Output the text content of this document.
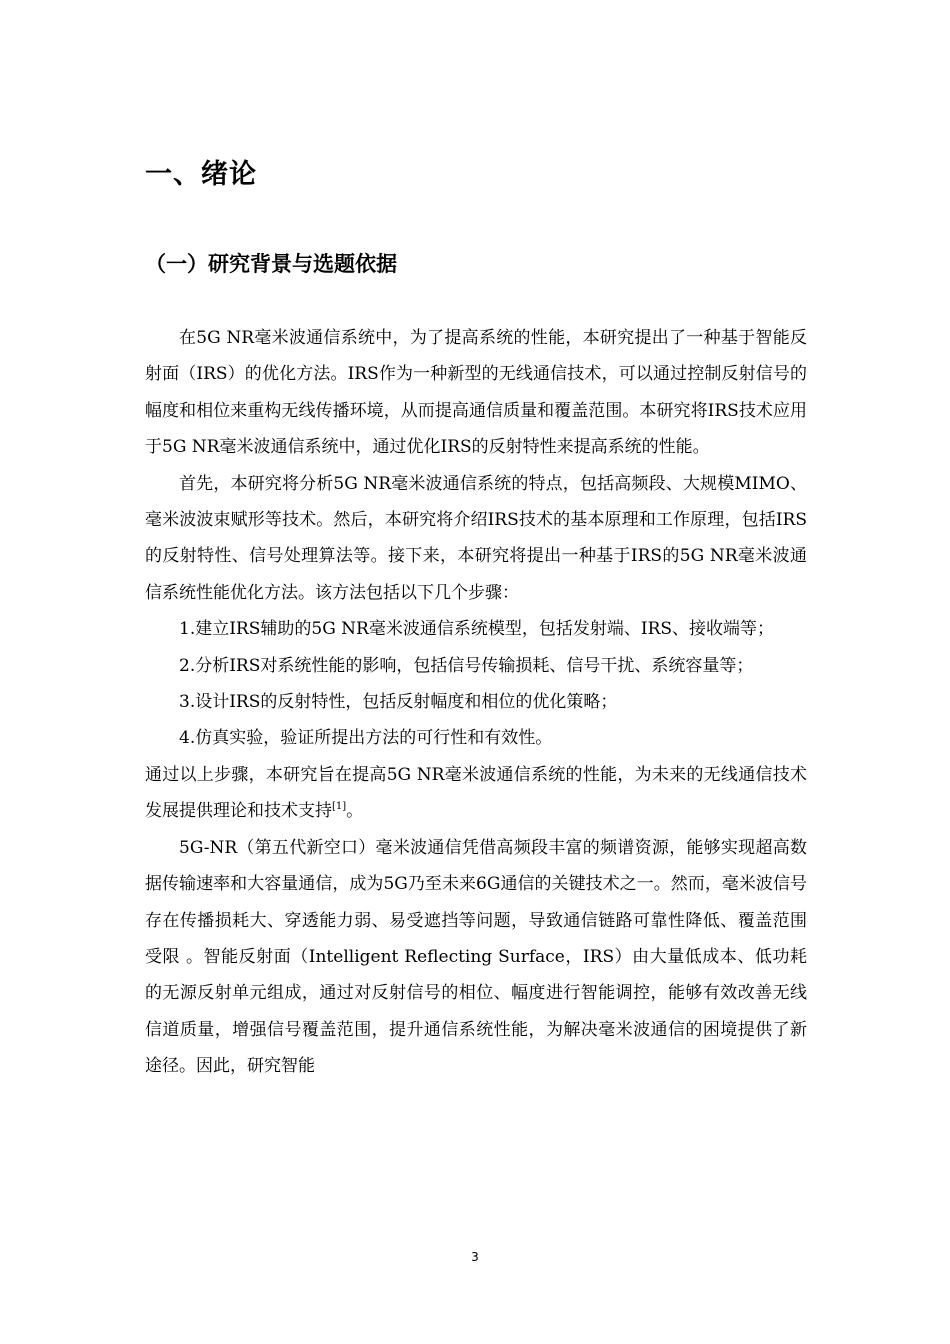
一、绪论
（一）研究背景与选题依据

在5G NR毫米波通信系统中，为了提高系统的性能，本研究提出了一种基于智能反射面（IRS）的优化方法。IRS作为一种新型的无线通信技术，可以通过控制反射信号的幅度和相位来重构无线传播环境，从而提高通信质量和覆盖范围。本研究将IRS技术应用于5G NR毫米波通信系统中，通过优化IRS的反射特性来提高系统的性能。

首先，本研究将分析5G NR毫米波通信系统的特点，包括高频段、大规模MIMO、毫米波波束赋形等技术。然后，本研究将介绍IRS技术的基本原理和工作原理，包括IRS的反射特性、信号处理算法等。接下来，本研究将提出一种基于IRS的5G NR毫米波通信系统性能优化方法。该方法包括以下几个步骤：

1.建立IRS辅助的5G NR毫米波通信系统模型，包括发射端、IRS、接收端等；

2.分析IRS对系统性能的影响，包括信号传输损耗、信号干扰、系统容量等；

3.设计IRS的反射特性，包括反射幅度和相位的优化策略；

4.仿真实验，验证所提出方法的可行性和有效性。

通过以上步骤，本研究旨在提高5G NR毫米波通信系统的性能，为未来的无线通信技术发展提供理论和技术支持[1]。

5G-NR（第五代新空口）毫米波通信凭借高频段丰富的频谱资源，能够实现超高数据传输速率和大容量通信，成为5G乃至未来6G通信的关键技术之一。然而，毫米波信号存在传播损耗大、穿透能力弱、易受遮挡等问题，导致通信链路可靠性降低、覆盖范围受限 。智能反射面（Intelligent Reflecting Surface，IRS）由大量低成本、低功耗的无源反射单元组成，通过对反射信号的相位、幅度进行智能调控，能够有效改善无线信道质量，增强信号覆盖范围，提升通信系统性能，为解决毫米波通信的困境提供了新途径。因此，研究智能

3
